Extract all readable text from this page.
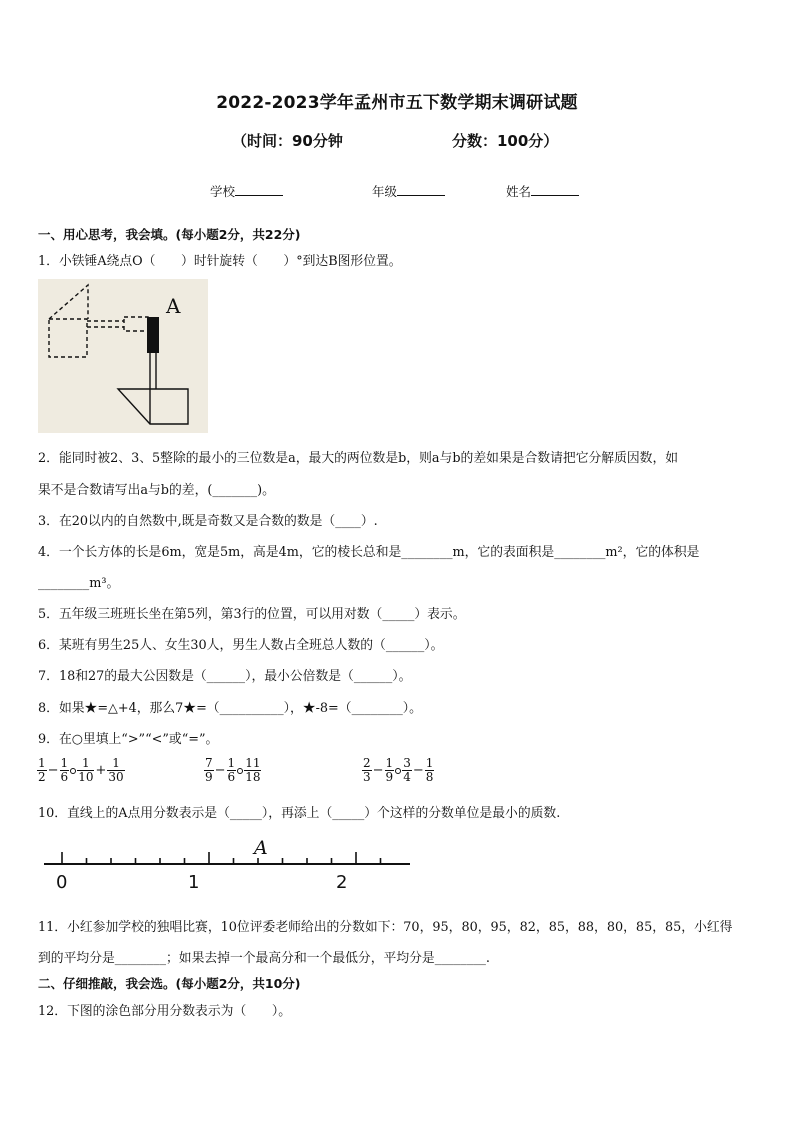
2022-2023学年孟州市五下数学期末调研试题
（时间：90分钟	分数：100分）
学校	年级	姓名
一、用心思考，我会填。(每小题2分，共22分)
1．小铁锤A绕点O（　　）时针旋转（　　）°到达B图形位置。
A
2．能同时被2、3、5整除的最小的三位数是a，最大的两位数是b，则a与b的差如果是合数请把它分解质因数，如
果不是合数请写出a与b的差，(_______)。
3．在20以内的自然数中,既是奇数又是合数的数是（____）.
4．一个长方体的长是6m，宽是5m，高是4m，它的棱长总和是________m，它的表面积是________m²，它的体积是
________m³。
5．五年级三班班长坐在第5列，第3行的位置，可以用对数（_____）表示。
6．某班有男生25人、女生30人，男生人数占全班总人数的（______）。
7．18和27的最大公因数是（______），最小公倍数是（______）。
8．如果★=△+4，那么7★=（__________），★-8=（________）。
9．在○里填上“>”“<”或“=”。
$\frac{1}{2} - \frac{1}{6} \frac{1}{10} + \frac{1}{30}$	$\frac{7}{9} - \frac{1}{6} \frac{11}{18}$	$\frac{2}{3} - \frac{1}{9} \frac{3}{4} - \frac{1}{8}$
10．直线上的A点用分数表示是（_____），再添上（_____）个这样的分数单位是最小的质数.
A
0	1	2
11．小红参加学校的独唱比赛，10位评委老师给出的分数如下：70，95，80，95，82，85，88，80，85，85，小红得
到的平均分是________；如果去掉一个最高分和一个最低分，平均分是________.
二、仔细推敲，我会选。(每小题2分，共10分)
12．下图的涂色部分用分数表示为（　　）。
